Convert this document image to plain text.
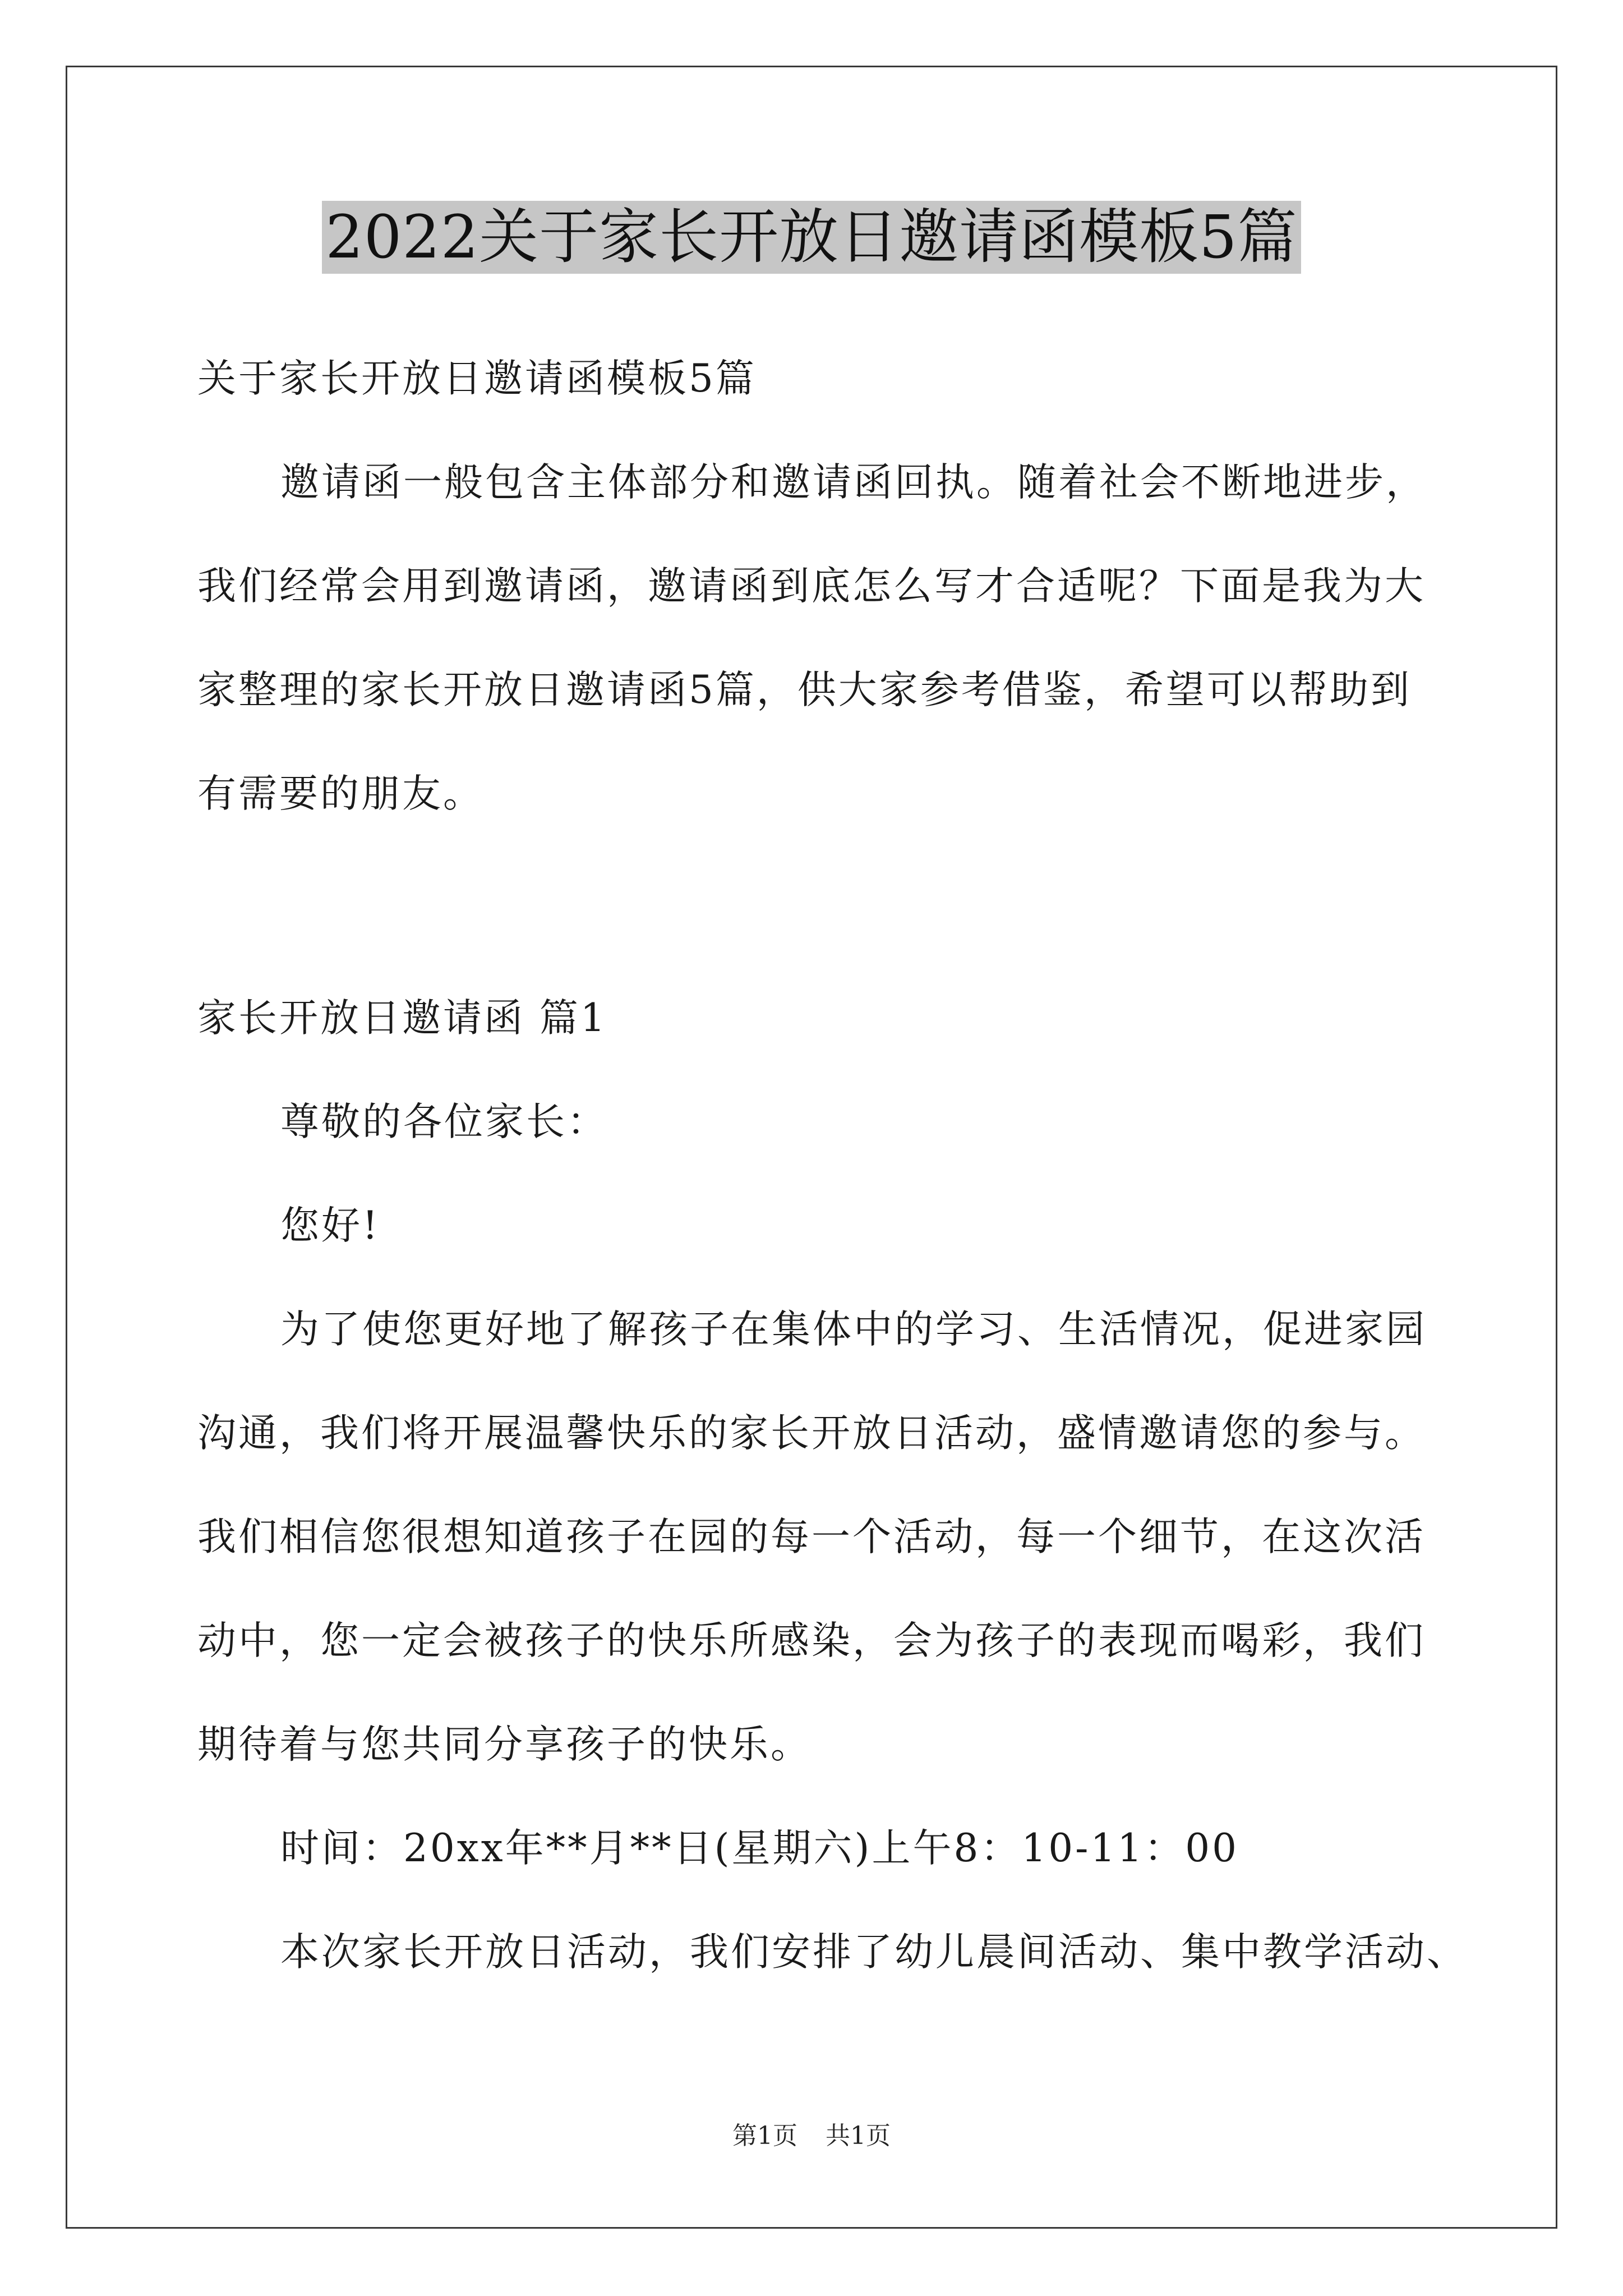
2022关于家长开放日邀请函模板5篇
关于家长开放日邀请函模板5篇
邀请函一般包含主体部分和邀请函回执。随着社会不断地进步，
我们经常会用到邀请函，邀请函到底怎么写才合适呢？下面是我为大
家整理的家长开放日邀请函5篇，供大家参考借鉴，希望可以帮助到
有需要的朋友。
家长开放日邀请函 篇1
尊敬的各位家长：
您好!
为了使您更好地了解孩子在集体中的学习、生活情况，促进家园
沟通，我们将开展温馨快乐的家长开放日活动，盛情邀请您的参与。
我们相信您很想知道孩子在园的每一个活动，每一个细节，在这次活
动中，您一定会被孩子的快乐所感染，会为孩子的表现而喝彩，我们
期待着与您共同分享孩子的快乐。
时间：20xx年**月**日(星期六)上午8：10-11：00
本次家长开放日活动，我们安排了幼儿晨间活动、集中教学活动、
第1页 共1页
